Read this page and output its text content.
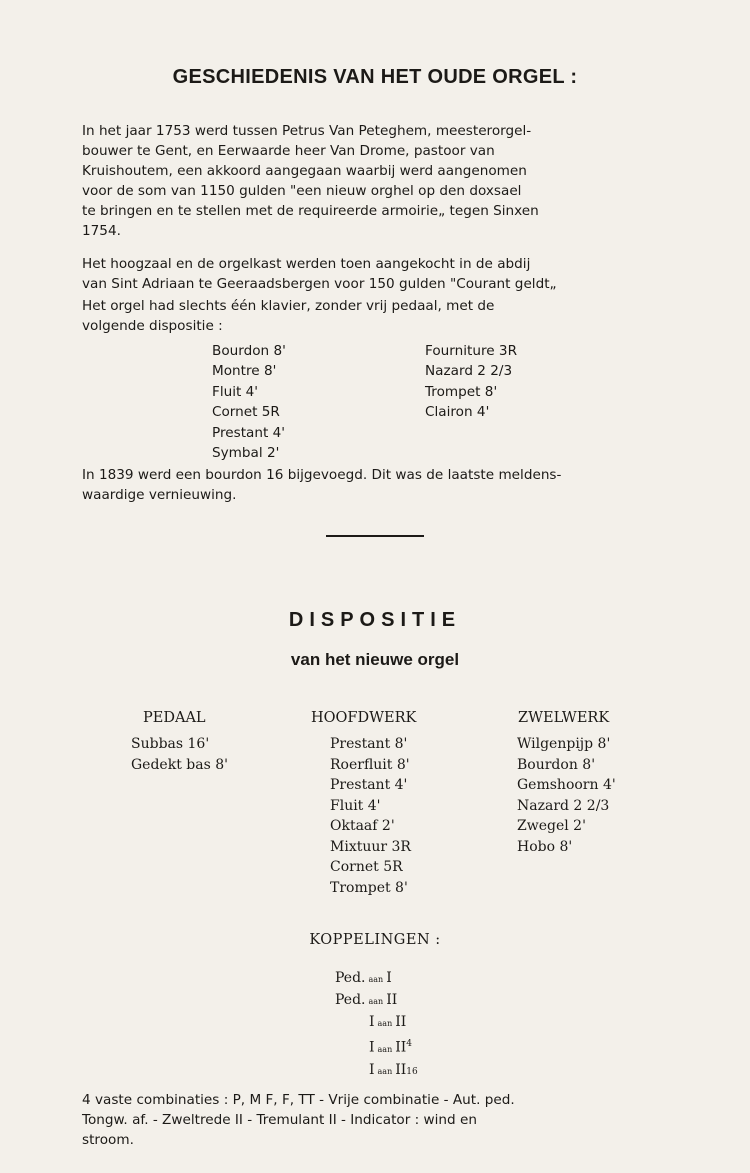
GESCHIEDENIS VAN HET OUDE ORGEL :
In het jaar 1753 werd tussen Petrus Van Peteghem, meesterorgel-
bouwer te Gent, en Eerwaarde heer Van Drome, pastoor van
Kruishoutem, een akkoord aangegaan waarbij werd aangenomen
voor de som van 1150 gulden "een nieuw orghel op den doxsael
te bringen en te stellen met de requireerde armoirie„ tegen Sinxen
1754.
Het hoogzaal en de orgelkast werden toen aangekocht in de abdij
van Sint Adriaan te Geeraadsbergen voor 150 gulden "Courant geldt„
Het orgel had slechts één klavier, zonder vrij pedaal, met de
volgende dispositie :
Bourdon 8'
Montre 8'
Fluit 4'
Cornet 5R
Prestant 4'
Symbal 2'
Fourniture 3R
Nazard 2 2/3
Trompet 8'
Clairon 4'
In 1839 werd een bourdon 16 bijgevoegd. Dit was de laatste meldens-
waardige vernieuwing.
DISPOSITIE
van het nieuwe orgel
PEDAAL
Subbas 16'
Gedekt bas 8'
HOOFDWERK
Prestant 8'
Roerfluit 8'
Prestant 4'
Fluit 4'
Oktaaf 2'
Mixtuur 3R
Cornet 5R
Trompet 8'
ZWELWERK
Wilgenpijp 8'
Bourdon 8'
Gemshoorn 4'
Nazard 2 2/3
Zwegel 2'
Hobo 8'
KOPPELINGEN :
Ped. aan I
Ped. aan II
Iaan II
Iaan $II^4$
Iaan II16
4 vaste combinaties : P, M F, F, TT - Vrije combinatie - Aut. ped.
Tongw. af. - Zweltrede II - Tremulant II - Indicator : wind en
stroom.
